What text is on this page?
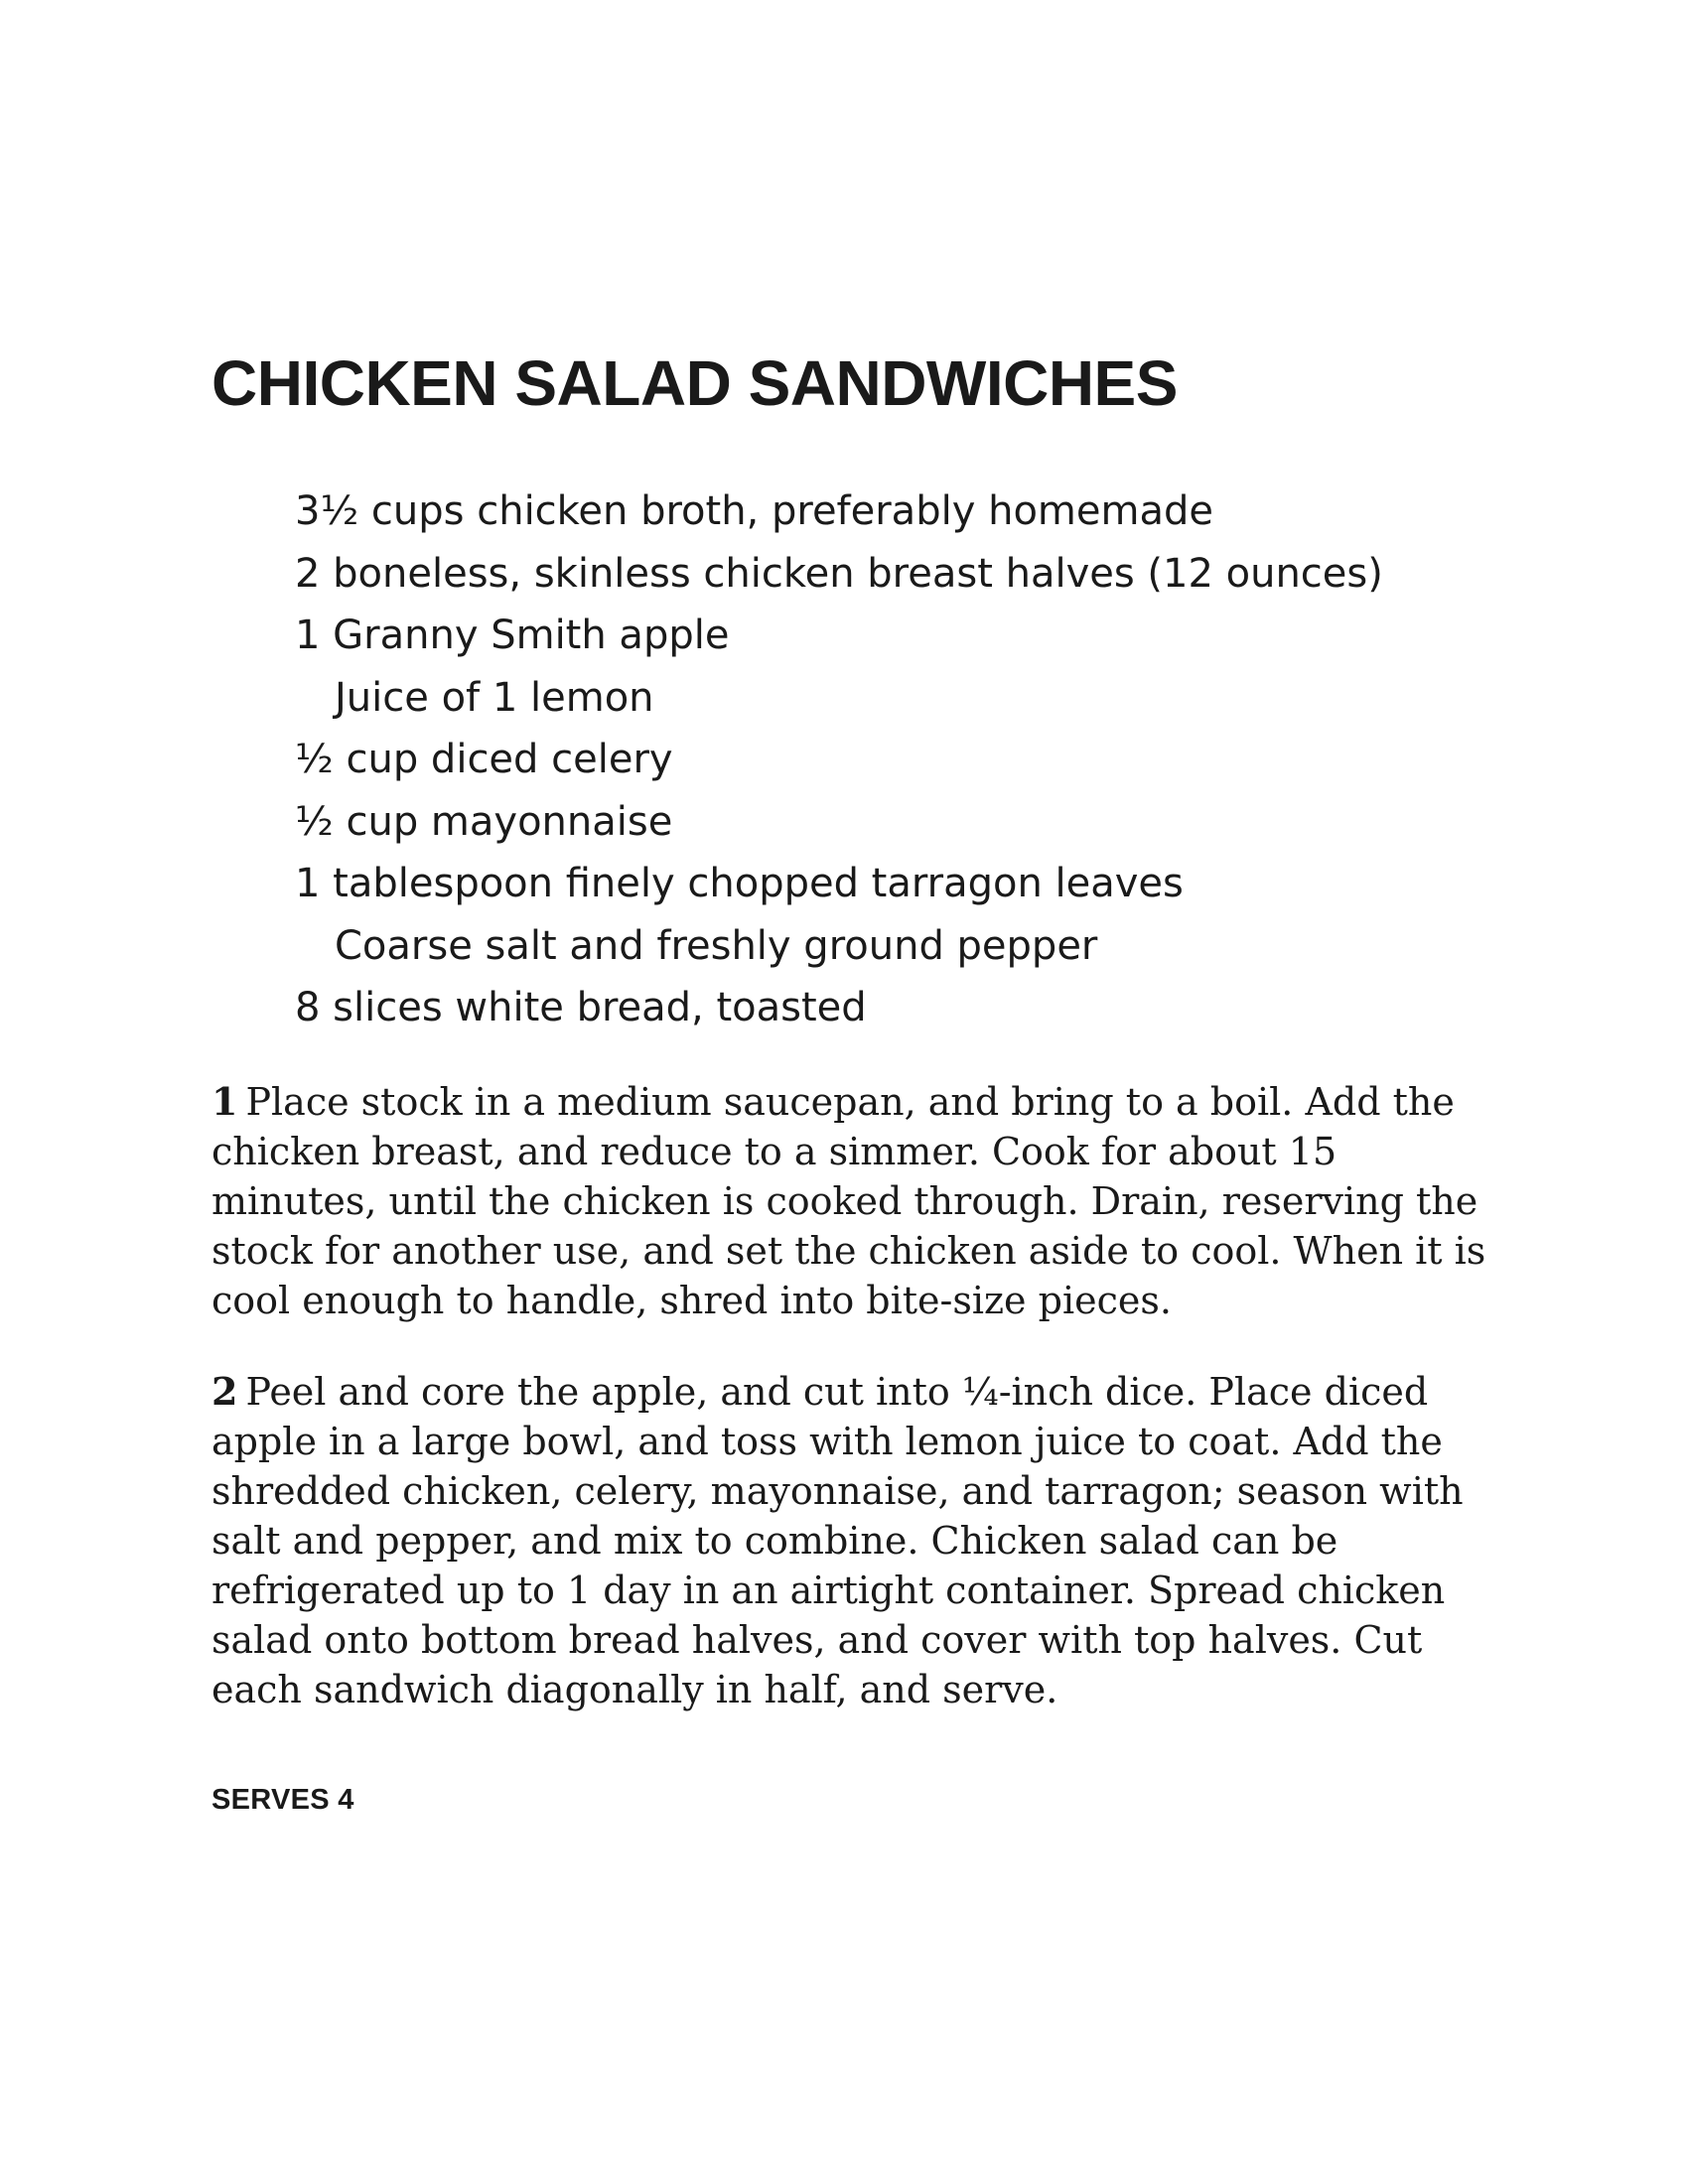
CHICKEN SALAD SANDWICHES
3½ cups chicken broth, preferably homemade
2 boneless, skinless chicken breast halves (12 ounces)
1 Granny Smith apple
Juice of 1 lemon
½ cup diced celery
½ cup mayonnaise
1 tablespoon finely chopped tarragon leaves
Coarse salt and freshly ground pepper
8 slices white bread, toasted

1 Place stock in a medium saucepan, and bring to a boil. Add the chicken breast, and reduce to a simmer. Cook for about 15 minutes, until the chicken is cooked through. Drain, reserving the stock for another use, and set the chicken aside to cool. When it is cool enough to handle, shred into bite-size pieces.

2 Peel and core the apple, and cut into ¼-inch dice. Place diced apple in a large bowl, and toss with lemon juice to coat. Add the shredded chicken, celery, mayonnaise, and tarragon; season with salt and pepper, and mix to combine. Chicken salad can be refrigerated up to 1 day in an airtight container. Spread chicken salad onto bottom bread halves, and cover with top halves. Cut each sandwich diagonally in half, and serve.

SERVES 4
